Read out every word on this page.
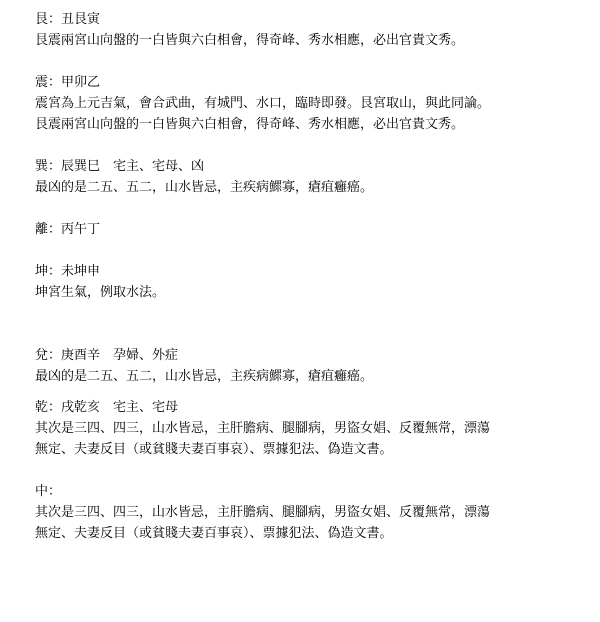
艮：丑艮寅
艮震兩宮山向盤的一白皆與六白相會，得奇峰、秀水相應，必出官貴文秀。
震：甲卯乙
震宮為上元吉氣，會合武曲，有城門、水口，臨時即發。艮宮取山，與此同論。
艮震兩宮山向盤的一白皆與六白相會，得奇峰、秀水相應，必出官貴文秀。
巽：辰巽巳　宅主、宅母、凶
最凶的是二五、五二，山水皆忌，主疾病鰥寡，瘡疽癰癌。
離：丙午丁
坤：未坤申
坤宮生氣，例取水法。
兌：庚酉辛　孕婦、外症
最凶的是二五、五二，山水皆忌，主疾病鰥寡，瘡疽癰癌。
乾：戌乾亥　宅主、宅母
其次是三四、四三，山水皆忌，主肝膽病、腿腳病，男盜女娼、反覆無常，漂蕩
無定、夫妻反目（或貧賤夫妻百事哀）、票據犯法、偽造文書。
中：
其次是三四、四三，山水皆忌，主肝膽病、腿腳病，男盜女娼、反覆無常，漂蕩
無定、夫妻反目（或貧賤夫妻百事哀）、票據犯法、偽造文書。
